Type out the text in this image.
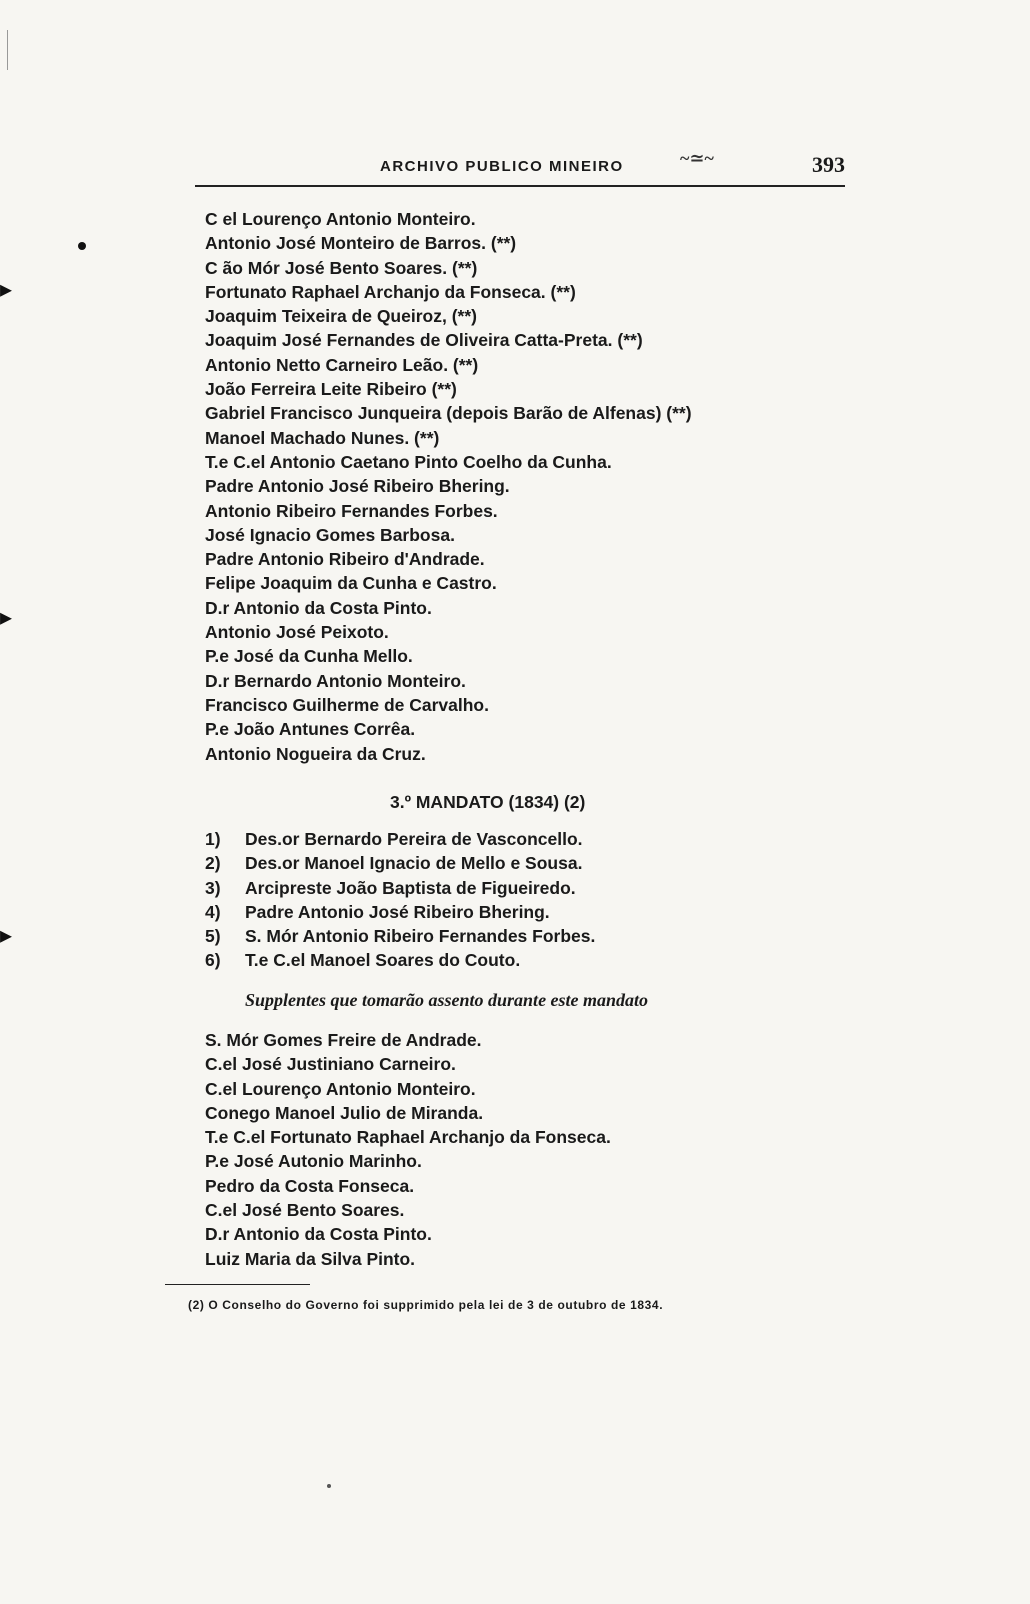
▸
▸
▸
ARCHIVO PUBLICO MINEIRO	~≃~	393
C el Lourenço Antonio Monteiro.
Antonio José Monteiro de Barros. (**)
C ão Mór José Bento Soares. (**)
Fortunato Raphael Archanjo da Fonseca. (**)
Joaquim Teixeira de Queiroz, (**)
Joaquim José Fernandes de Oliveira Catta-Preta. (**)
Antonio Netto Carneiro Leão. (**)
João Ferreira Leite Ribeiro (**)
Gabriel Francisco Junqueira (depois Barão de Alfenas) (**)
Manoel Machado Nunes. (**)
T.e C.el Antonio Caetano Pinto Coelho da Cunha.
Padre Antonio José Ribeiro Bhering.
Antonio Ribeiro Fernandes Forbes.
José Ignacio Gomes Barbosa.
Padre Antonio Ribeiro d'Andrade.
Felipe Joaquim da Cunha e Castro.
D.r Antonio da Costa Pinto.
Antonio José Peixoto.
P.e José da Cunha Mello.
D.r Bernardo Antonio Monteiro.
Francisco Guilherme de Carvalho.
P.e João Antunes Corrêa.
Antonio Nogueira da Cruz.
3.º MANDATO (1834) (2)
1) Des.or Bernardo Pereira de Vasconcello.
2) Des.or Manoel Ignacio de Mello e Sousa.
3) Arcipreste João Baptista de Figueiredo.
4) Padre Antonio José Ribeiro Bhering.
5) S. Mór Antonio Ribeiro Fernandes Forbes.
6) T.e C.el Manoel Soares do Couto.
Supplentes que tomarão assento durante este mandato
S. Mór Gomes Freire de Andrade.
C.el José Justiniano Carneiro.
C.el Lourenço Antonio Monteiro.
Conego Manoel Julio de Miranda.
T.e C.el Fortunato Raphael Archanjo da Fonseca.
P.e José Autonio Marinho.
Pedro da Costa Fonseca.
C.el José Bento Soares.
D.r Antonio da Costa Pinto.
Luiz Maria da Silva Pinto.
(2) O Conselho do Governo foi supprimido pela lei de 3 de outubro de 1834.
